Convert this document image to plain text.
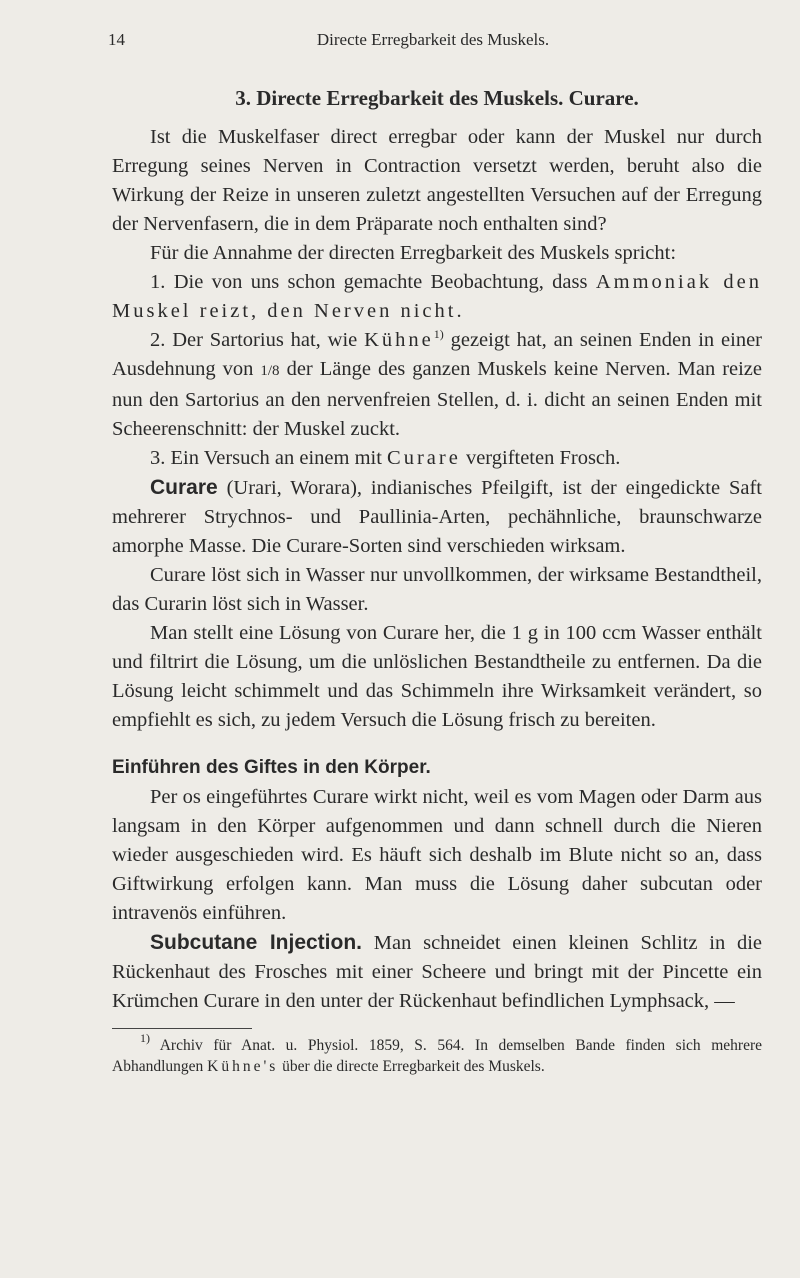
14	Directe Erregbarkeit des Muskels.
3. Directe Erregbarkeit des Muskels. Curare.

Ist die Muskelfaser direct erregbar oder kann der Muskel nur durch Erregung seines Nerven in Contraction versetzt werden, beruht also die Wirkung der Reize in unseren zuletzt angestellten Versuchen auf der Erregung der Nervenfasern, die in dem Präparate noch enthalten sind?

Für die Annahme der directen Erregbarkeit des Muskels spricht:

1. Die von uns schon gemachte Beobachtung, dass Ammoniak den Muskel reizt, den Nerven nicht.

2. Der Sartorius hat, wie Kühne$^{1)}$ gezeigt hat, an seinen Enden in einer Ausdehnung von 1/8 der Länge des ganzen Muskels keine Nerven. Man reize nun den Sartorius an den nervenfreien Stellen, d. i. dicht an seinen Enden mit Scheerenschnitt: der Muskel zuckt.

3. Ein Versuch an einem mit Curare vergifteten Frosch.

Curare (Urari, Worara), indianisches Pfeilgift, ist der eingedickte Saft mehrerer Strychnos- und Paullinia-Arten, pechähnliche, braunschwarze amorphe Masse. Die Curare-Sorten sind verschieden wirksam.

Curare löst sich in Wasser nur unvollkommen, der wirksame Bestandtheil, das Curarin löst sich in Wasser.

Man stellt eine Lösung von Curare her, die 1 g in 100 ccm Wasser enthält und filtrirt die Lösung, um die unlöslichen Bestandtheile zu entfernen. Da die Lösung leicht schimmelt und das Schimmeln ihre Wirksamkeit verändert, so empfiehlt es sich, zu jedem Versuch die Lösung frisch zu bereiten.

Einführen des Giftes in den Körper.

Per os eingeführtes Curare wirkt nicht, weil es vom Magen oder Darm aus langsam in den Körper aufgenommen und dann schnell durch die Nieren wieder ausgeschieden wird. Es häuft sich deshalb im Blute nicht so an, dass Giftwirkung erfolgen kann. Man muss die Lösung daher subcutan oder intravenös einführen.

Subcutane Injection. Man schneidet einen kleinen Schlitz in die Rückenhaut des Frosches mit einer Scheere und bringt mit der Pincette ein Krümchen Curare in den unter der Rückenhaut befindlichen Lymphsack, —

$^{1)}$ Archiv für Anat. u. Physiol. 1859, S. 564. In demselben Bande finden sich mehrere Abhandlungen Kühne's über die directe Erregbarkeit des Muskels.
